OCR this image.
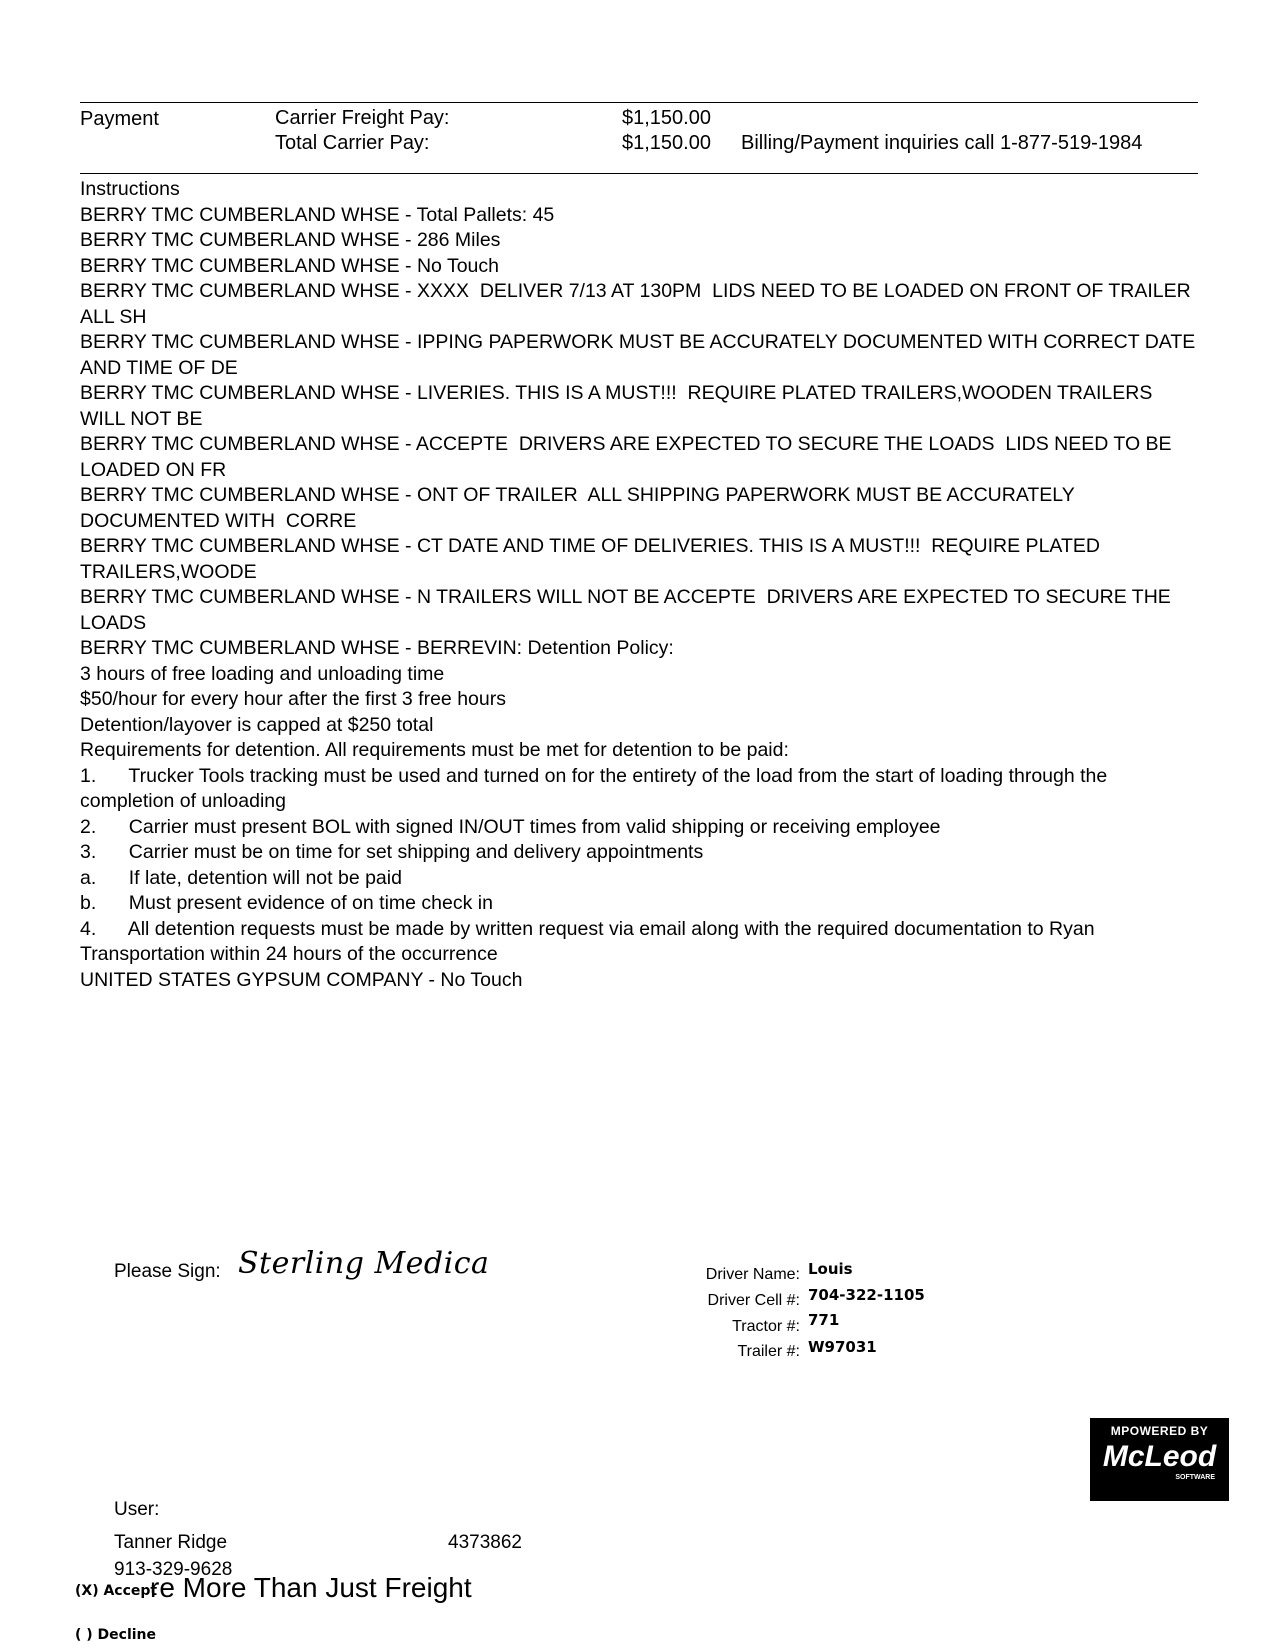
Payment	Carrier Freight Pay:	$1,150.00
Total Carrier Pay:	$1,150.00 Billing/Payment inquiries call 1-877-519-1984
Instructions
BERRY TMC CUMBERLAND WHSE - Total Pallets: 45
BERRY TMC CUMBERLAND WHSE - 286 Miles
BERRY TMC CUMBERLAND WHSE - No Touch
BERRY TMC CUMBERLAND WHSE - XXXX  DELIVER 7/13 AT 130PM  LIDS NEED TO BE LOADED ON FRONT OF TRAILER  ALL SH
BERRY TMC CUMBERLAND WHSE - IPPING PAPERWORK MUST BE ACCURATELY DOCUMENTED WITH CORRECT DATE AND TIME OF DE
BERRY TMC CUMBERLAND WHSE - LIVERIES. THIS IS A MUST!!!  REQUIRE PLATED TRAILERS,WOODEN TRAILERS WILL NOT BE
BERRY TMC CUMBERLAND WHSE - ACCEPTE  DRIVERS ARE EXPECTED TO SECURE THE LOADS  LIDS NEED TO BE LOADED ON FR
BERRY TMC CUMBERLAND WHSE - ONT OF TRAILER  ALL SHIPPING PAPERWORK MUST BE ACCURATELY DOCUMENTED WITH  CORRE
BERRY TMC CUMBERLAND WHSE - CT DATE AND TIME OF DELIVERIES. THIS IS A MUST!!!  REQUIRE PLATED TRAILERS,WOODE
BERRY TMC CUMBERLAND WHSE - N TRAILERS WILL NOT BE ACCEPTE  DRIVERS ARE EXPECTED TO SECURE THE LOADS
BERRY TMC CUMBERLAND WHSE - BERREVIN: Detention Policy:
3 hours of free loading and unloading time
$50/hour for every hour after the first 3 free hours
Detention/layover is capped at $250 total
Requirements for detention. All requirements must be met for detention to be paid:
1.      Trucker Tools tracking must be used and turned on for the entirety of the load from the start of loading through the completion of unloading
2.      Carrier must present BOL with signed IN/OUT times from valid shipping or receiving employee
3.      Carrier must be on time for set shipping and delivery appointments
a.      If late, detention will not be paid
b.      Must present evidence of on time check in
4.      All detention requests must be made by written request via email along with the required documentation to Ryan Transportation within 24 hours of the occurrence
UNITED STATES GYPSUM COMPANY - No Touch
Please Sign: Sterling Medica	Driver Name: Louis
Driver Cell #: 704-322-1105
Tractor #: 771
Trailer #: W97031
MPOWERED BY
McLeod
SOFTWARE
User:
Tanner Ridge	4373862
913-329-9628
re More Than Just Freight
(X) Accept
( ) Decline
